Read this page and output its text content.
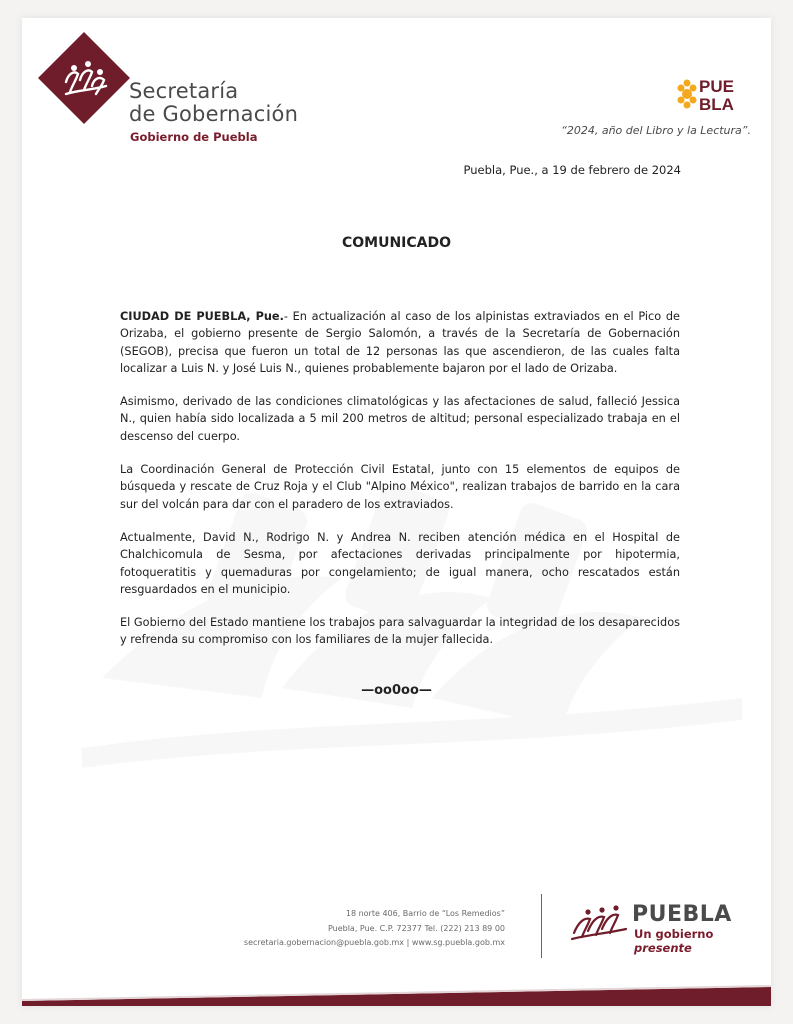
Secretaría
de Gobernación
Gobierno de Puebla
PUE
BLA
“2024, año del Libro y la Lectura”.
Puebla, Pue., a 19 de febrero de 2024
COMUNICADO

CIUDAD DE PUEBLA, Pue.- En actualización al caso de los alpinistas extraviados en el Pico de Orizaba, el gobierno presente de Sergio Salomón, a través de la Secretaría de Gobernación (SEGOB), precisa que fueron un total de 12 personas las que ascendieron, de las cuales falta localizar a Luis N. y José Luis N., quienes probablemente bajaron por el lado de Orizaba.

Asimismo, derivado de las condiciones climatológicas y las afectaciones de salud, falleció Jessica N., quien había sido localizada a 5 mil 200 metros de altitud; personal especializado trabaja en el descenso del cuerpo.

La Coordinación General de Protección Civil Estatal, junto con 15 elementos de equipos de búsqueda y rescate de Cruz Roja y el Club "Alpino México", realizan trabajos de barrido en la cara sur del volcán para dar con el paradero de los extraviados.

Actualmente, David N., Rodrigo N. y Andrea N. reciben atención médica en el Hospital de Chalchicomula de Sesma, por afectaciones derivadas principalmente por hipotermia, fotoqueratitis y quemaduras por congelamiento; de igual manera, ocho rescatados están resguardados en el municipio.

El Gobierno del Estado mantiene los trabajos para salvaguardar la integridad de los desaparecidos y refrenda su compromiso con los familiares de la mujer fallecida.

—oo0oo—
18 norte 406, Barrio de “Los Remedios”
Puebla, Pue. C.P. 72377 Tel. (222) 213 89 00
secretaria.gobernacion@puebla.gob.mx | www.sg.puebla.gob.mx
PUEBLA
Un gobierno presente
